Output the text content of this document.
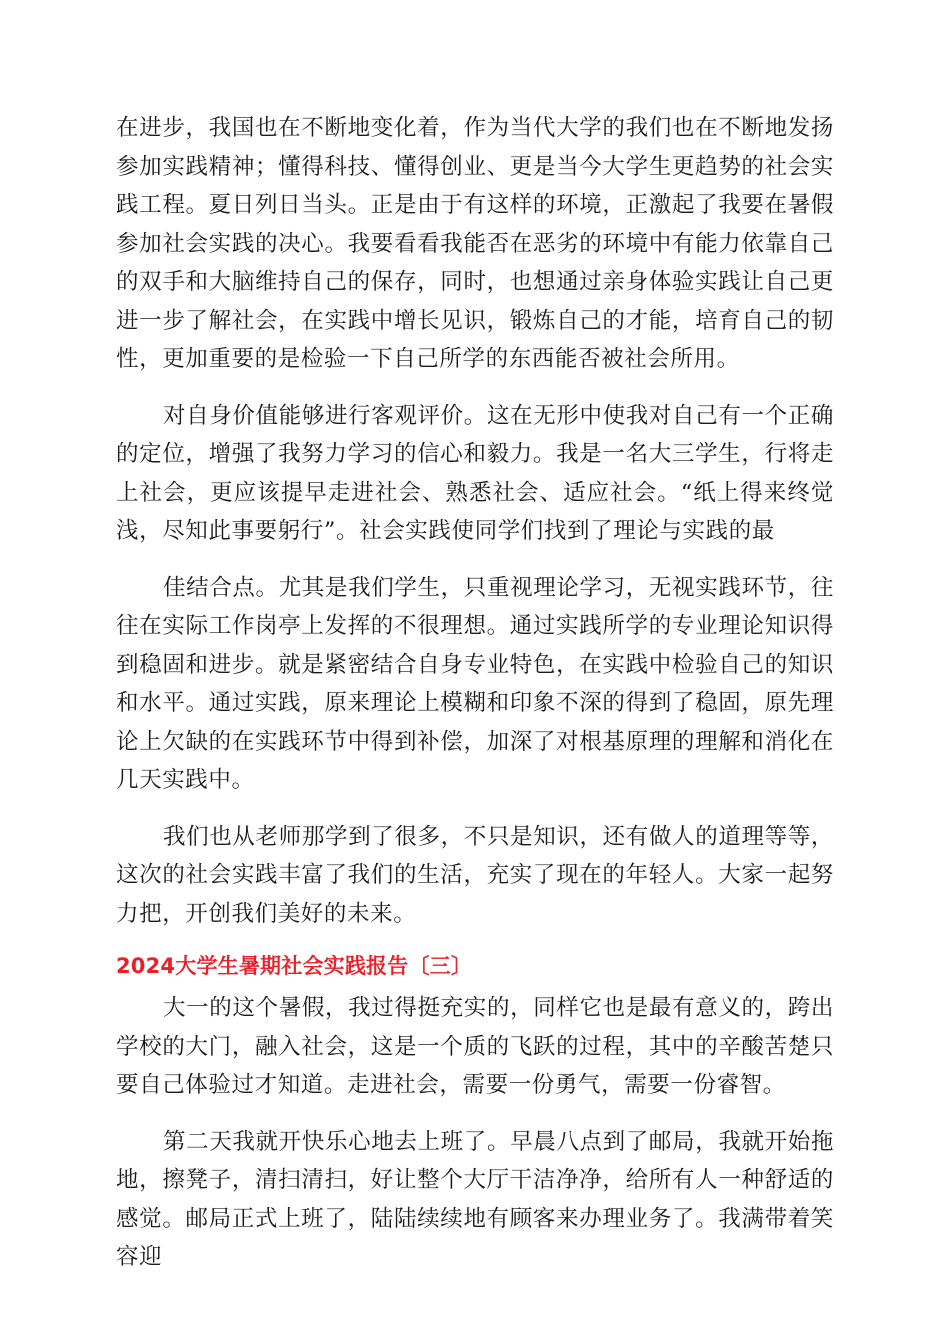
在进步，我国也在不断地变化着，作为当代大学的我们也在不断地发扬参加实践精神；懂得科技、懂得创业、更是当今大学生更趋势的社会实践工程。夏日列日当头。正是由于有这样的环境，正激起了我要在暑假参加社会实践的决心。我要看看我能否在恶劣的环境中有能力依靠自己的双手和大脑维持自己的保存，同时，也想通过亲身体验实践让自己更进一步了解社会，在实践中增长见识，锻炼自己的才能，培育自己的韧性，更加重要的是检验一下自己所学的东西能否被社会所用。

对自身价值能够进行客观评价。这在无形中使我对自己有一个正确的定位，增强了我努力学习的信心和毅力。我是一名大三学生，行将走上社会，更应该提早走进社会、熟悉社会、适应社会。“纸上得来终觉浅，尽知此事要躬行”。社会实践使同学们找到了理论与实践的最

佳结合点。尤其是我们学生，只重视理论学习，无视实践环节，往往在实际工作岗亭上发挥的不很理想。通过实践所学的专业理论知识得到稳固和进步。就是紧密结合自身专业特色，在实践中检验自己的知识和水平。通过实践，原来理论上模糊和印象不深的得到了稳固，原先理论上欠缺的在实践环节中得到补偿，加深了对根基原理的理解和消化在几天实践中。

我们也从老师那学到了很多，不只是知识，还有做人的道理等等，这次的社会实践丰富了我们的生活，充实了现在的年轻人。大家一起努力把，开创我们美好的未来。

2024大学生暑期社会实践报告〔三〕

大一的这个暑假，我过得挺充实的，同样它也是最有意义的，跨出学校的大门，融入社会，这是一个质的飞跃的过程，其中的辛酸苦楚只要自己体验过才知道。走进社会，需要一份勇气，需要一份睿智。

第二天我就开快乐心地去上班了。早晨八点到了邮局，我就开始拖地，擦凳子，清扫清扫，好让整个大厅干洁净净，给所有人一种舒适的感觉。邮局正式上班了，陆陆续续地有顾客来办理业务了。我满带着笑容迎
